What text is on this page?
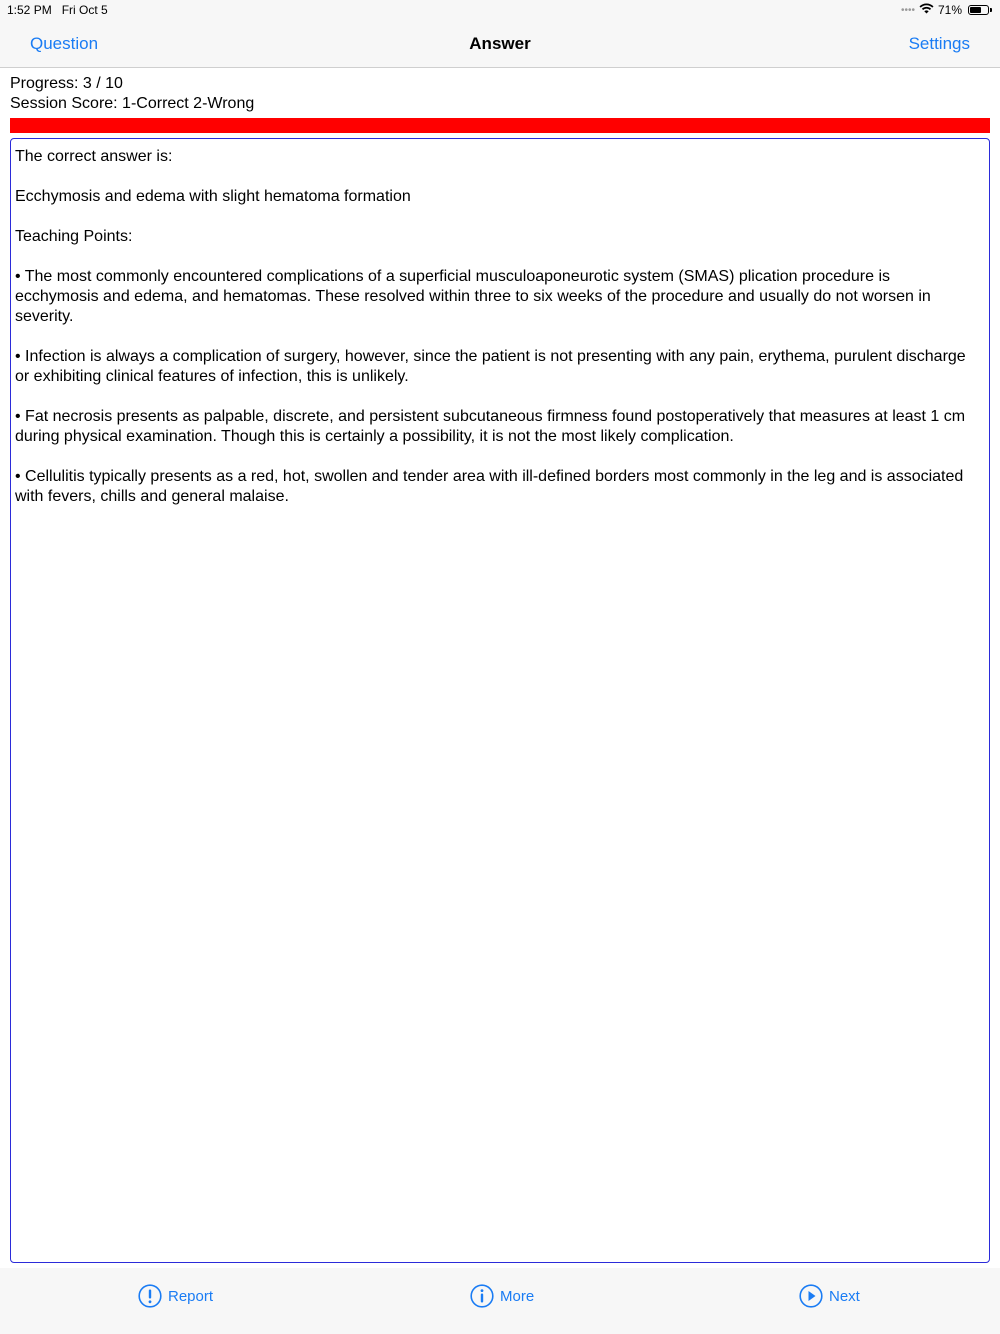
1:52 PM Fri Oct 5	•••• 71%
Question	Answer	Settings
Progress: 3 / 10
Session Score: 1-Correct 2-Wrong

The correct answer is:

Ecchymosis and edema with slight hematoma formation

Teaching Points:

• The most commonly encountered complications of a superficial musculoaponeurotic system (SMAS) plication procedure is ecchymosis and edema, and hematomas. These resolved within three to six weeks of the procedure and usually do not worsen in severity.

• Infection is always a complication of surgery, however, since the patient is not presenting with any pain, erythema, purulent discharge or exhibiting clinical features of infection, this is unlikely.

• Fat necrosis presents as palpable, discrete, and persistent subcutaneous firmness found postoperatively that measures at least 1 cm during physical examination. Though this is certainly a possibility, it is not the most likely complication.

• Cellulitis typically presents as a red, hot, swollen and tender area with ill-defined borders most commonly in the leg and is associated with fevers, chills and general malaise.

Report	More	Next
